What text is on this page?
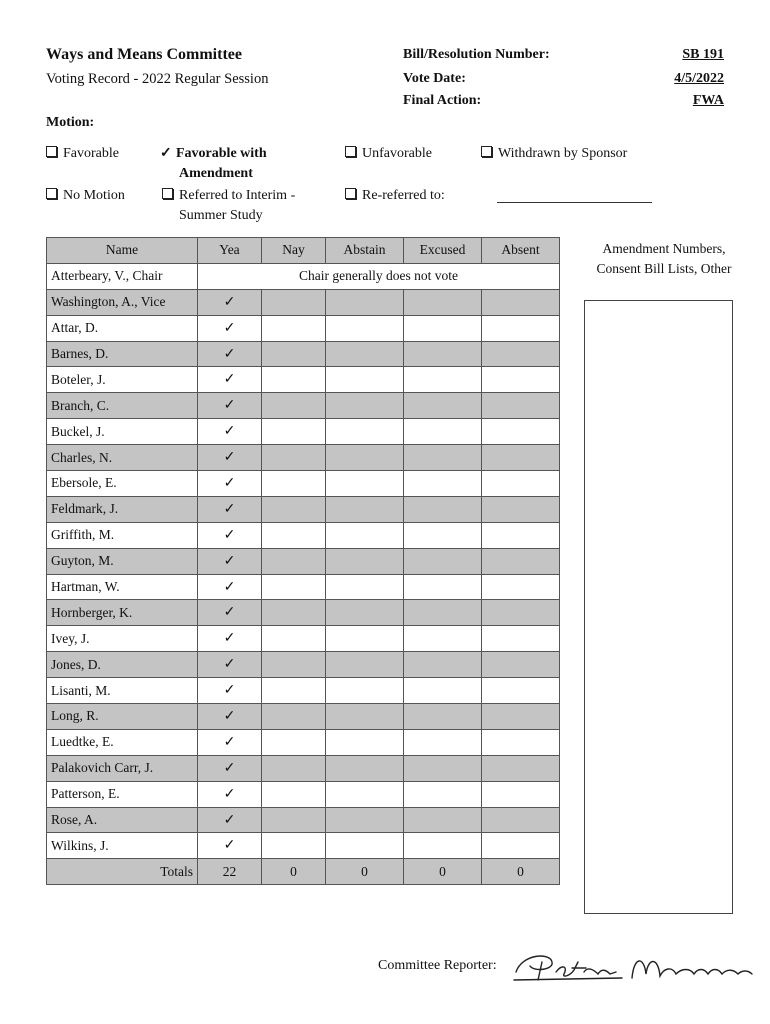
Ways and Means Committee
Voting Record - 2022 Regular Session
Bill/Resolution Number:	SB 191
Vote Date:	4/5/2022
Final Action:	FWA
Motion:
Favorable	✓ Favorable with
Amendment
Unfavorable	Withdrawn by Sponsor
No Motion	Referred to Interim -
Summer Study
Re-referred to:
Name	Yea	Nay	Abstain	Excused	Absent
Atterbeary, V., Chair	Chair generally does not vote				
Washington, A., Vice	✓				
Attar, D.	✓				
Barnes, D.	✓				
Boteler, J.	✓				
Branch, C.	✓				
Buckel, J.	✓				
Charles, N.	✓				
Ebersole, E.	✓				
Feldmark, J.	✓				
Griffith, M.	✓				
Guyton, M.	✓				
Hartman, W.	✓				
Hornberger, K.	✓				
Ivey, J.	✓				
Jones, D.	✓				
Lisanti, M.	✓				
Long, R.	✓				
Luedtke, E.	✓				
Palakovich Carr, J.	✓				
Patterson, E.	✓				
Rose, A.	✓				
Wilkins, J.	✓				
Totals	22	0	0	0	0
Amendment Numbers, Consent Bill Lists, Other
Committee Reporter:
